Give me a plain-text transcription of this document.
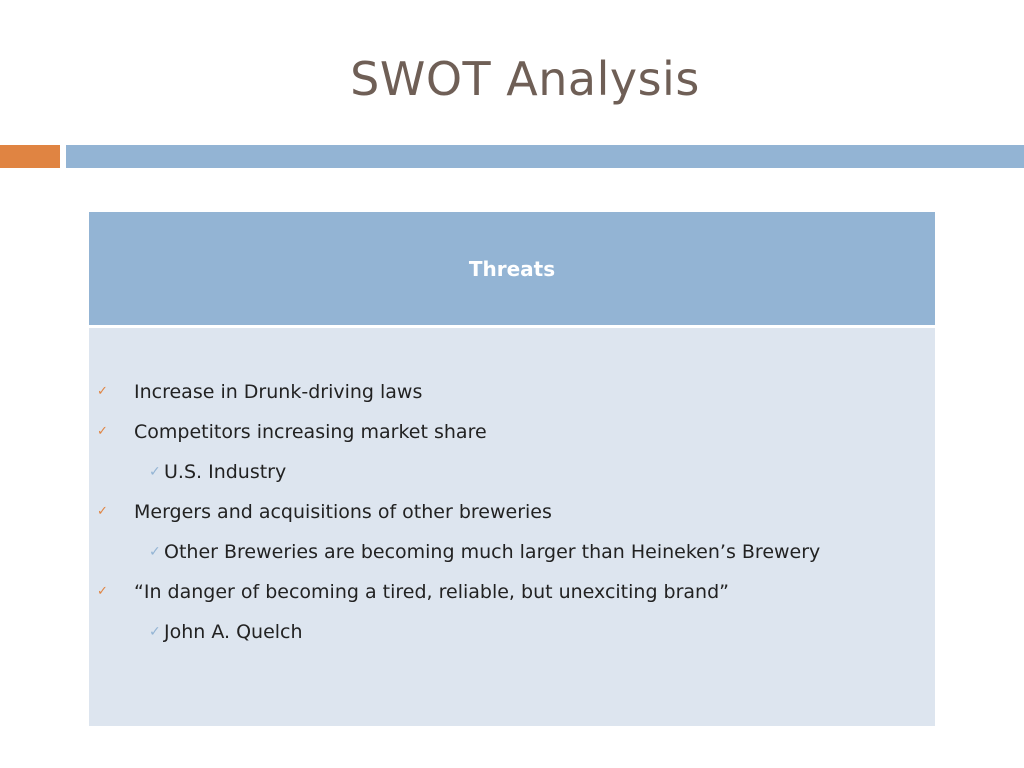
SWOT Analysis
Threats
✓ Increase in Drunk-driving laws
✓ Competitors increasing market share
✓ U.S. Industry
✓ Mergers and acquisitions of other breweries
✓ Other Breweries are becoming much larger than Heineken’s Brewery
✓ “In danger of becoming a tired, reliable, but unexciting brand”
✓ John A. Quelch
